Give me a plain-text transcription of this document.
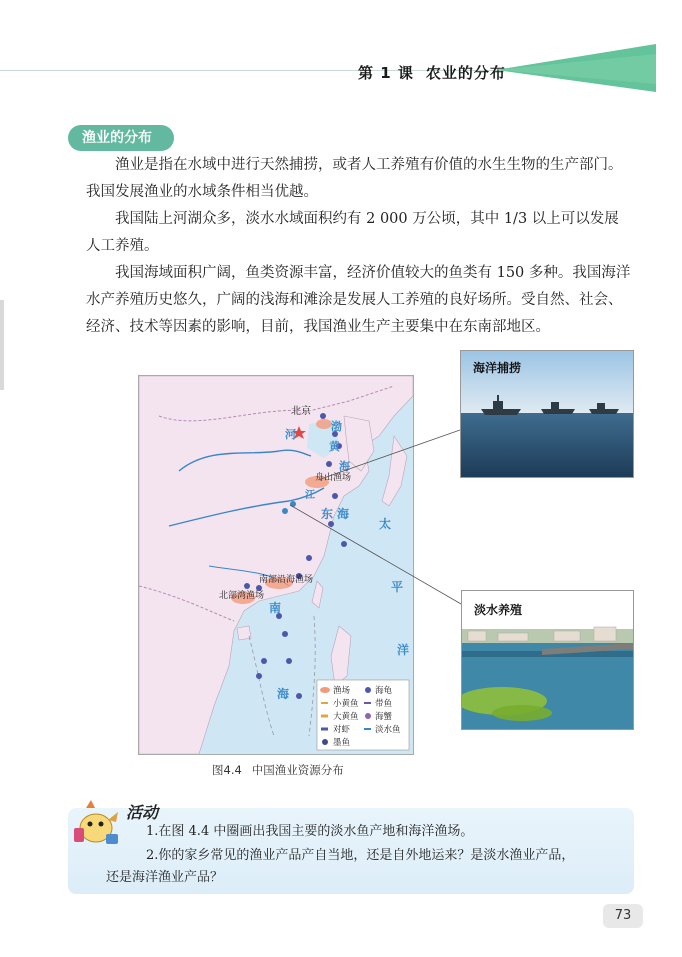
第 1 课 农业的分布
渔业的分布

渔业是指在水域中进行天然捕捞，或者人工养殖有价值的水生生物的生产部门。我国发展渔业的水域条件相当优越。

我国陆上河湖众多，淡水水域面积约有 2 000 万公顷，其中 1/3 以上可以发展人工养殖。

我国海域面积广阔，鱼类资源丰富，经济价值较大的鱼类有 150 多种。我国海洋水产养殖历史悠久，广阔的浅海和滩涂是发展人工养殖的良好场所。受自然、社会、经济、技术等因素的影响，目前，我国渔业生产主要集中在东南部地区。

北京
渤
黄
海
河
江
舟山渔场
东 海
太
平
洋
南部沿海渔场
北部湾渔场
南
海	渔场	海龟
小黄鱼 带鱼
大黄鱼 海蟹
对虾	淡水鱼
墨鱼
海洋捕捞
淡水养殖
图4.4 中国渔业资源分布
活动
1.在图 4.4 中圈画出我国主要的淡水鱼产地和海洋渔场。
2.你的家乡常见的渔业产品产自当地，还是自外地运来？是淡水渔业产品，
还是海洋渔业产品？
73
